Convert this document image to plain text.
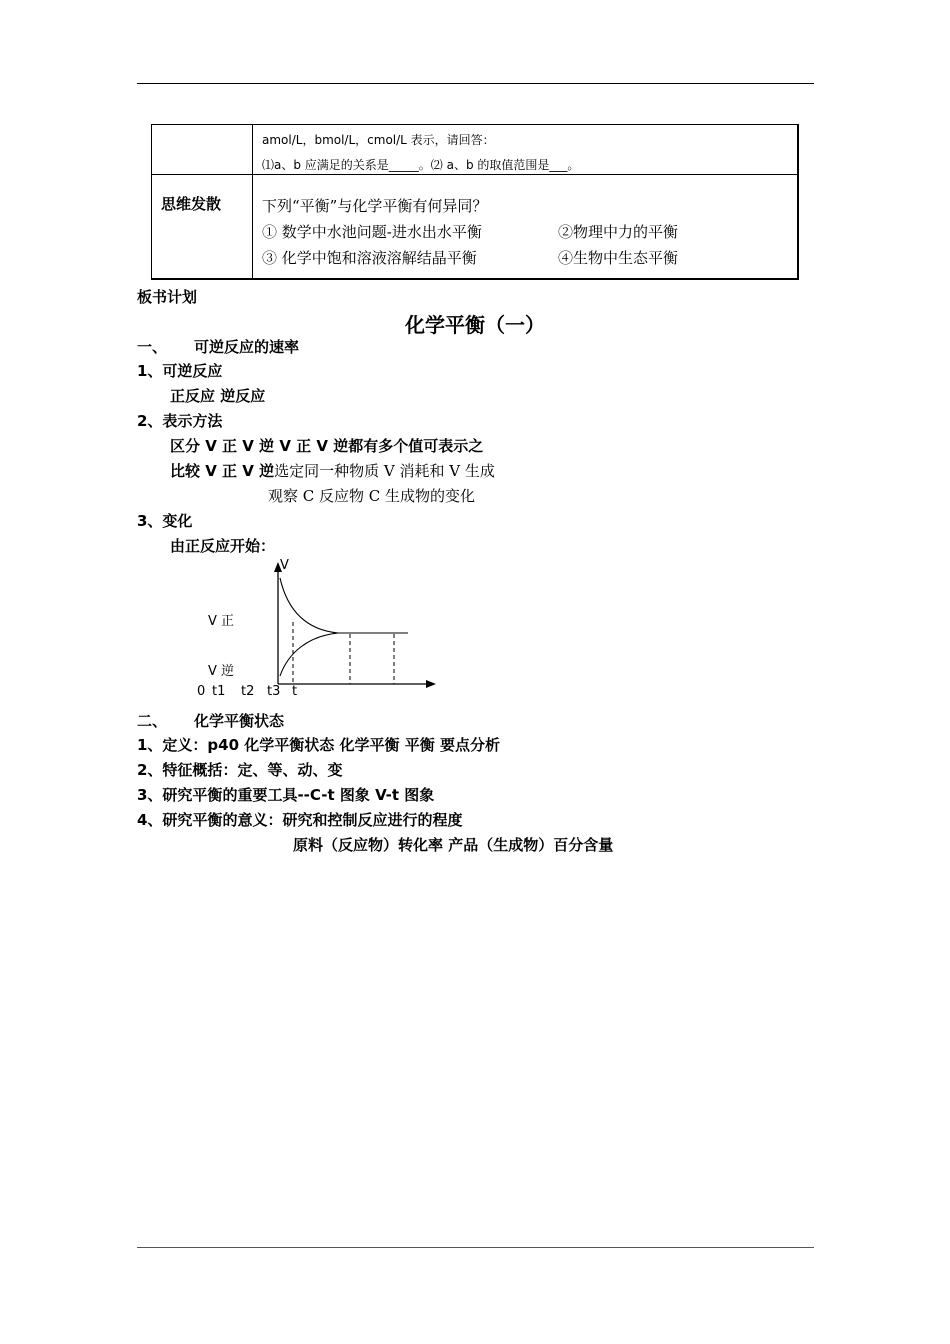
	amol/L，bmol/L，cmol/L 表示，请回答：
⑴a、b 应满足的关系是_____。⑵ a、b 的取值范围是___。

思维发散	下列“平衡”与化学平衡有何异同？
① 数学中水池问题-进水出水平衡 ②物理中力的平衡
③ 化学中饱和溶液溶解结晶平衡 ④生物中生态平衡
板书计划
化学平衡（一）
一、 可逆反应的速率
1、可逆反应
正反应 逆反应
2、表示方法
区分 V 正 V 逆 V 正 V 逆都有多个值可表示之
比较 V 正 V 逆选定同一种物质 V 消耗和 V 生成
观察 C 反应物 C 生成物的变化
3、变化
由正反应开始：
V
V 正
V 逆
0 t1 t2 t3 t
二、 化学平衡状态
1、定义：p40 化学平衡状态 化学平衡 平衡 要点分析
2、特征概括：定、等、动、变
3、研究平衡的重要工具--C-t 图象 V-t 图象
4、研究平衡的意义：研究和控制反应进行的程度
原料（反应物）转化率 产品（生成物）百分含量
